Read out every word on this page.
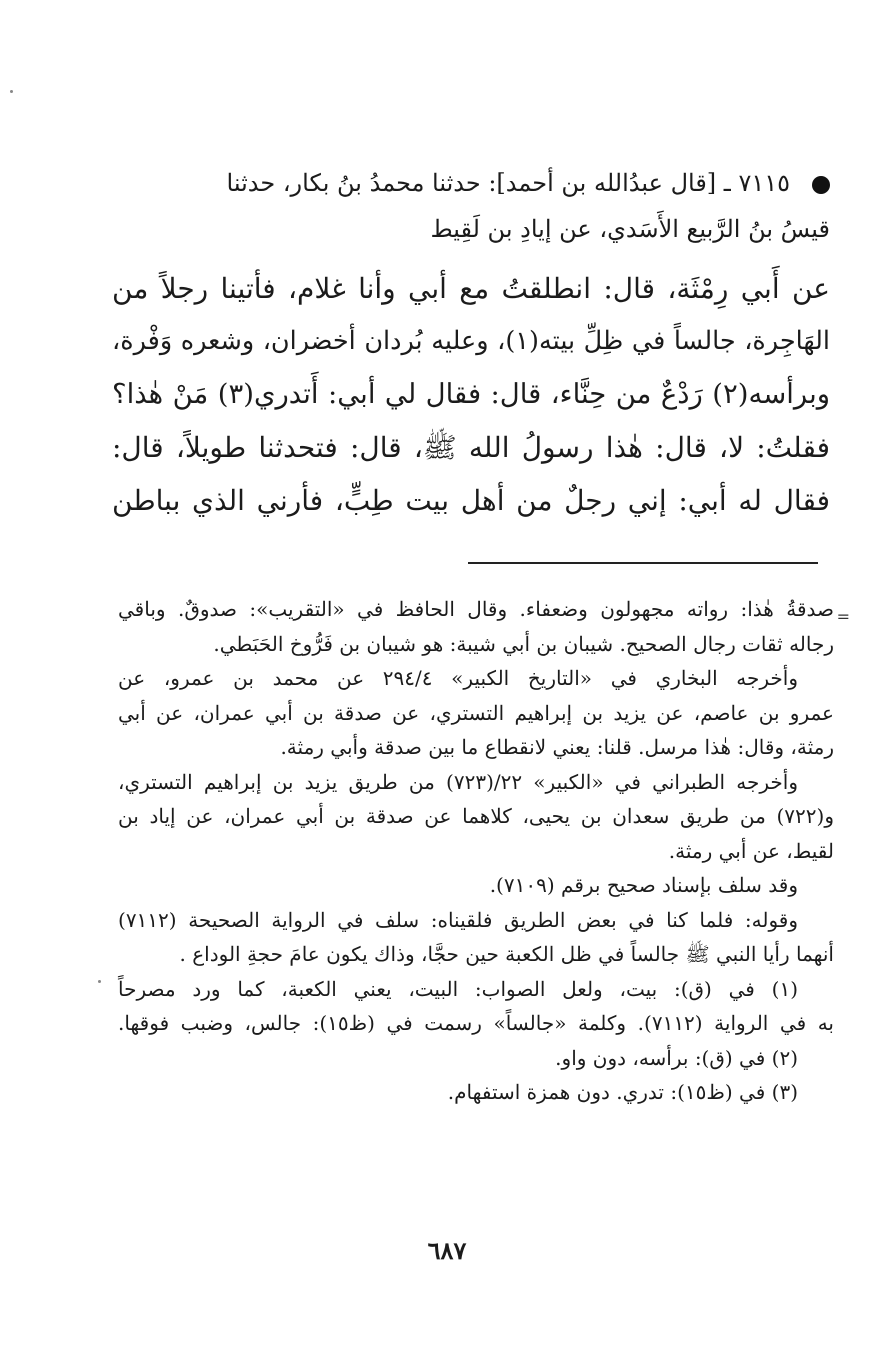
٧١١٥ ـ [قال عبدُالله بن أحمد]: حدثنا محمدُ بنُ بكار، حدثنا
قيسُ بنُ الرَّبيع الأَسَدي، عن إيادِ بن لَقِيط
عن أَبي رِمْثَة، قال: انطلقتُ مع أبي وأنا غلام، فأتينا رجلاً من
الهَاجِرة، جالساً في ظِلِّ بيته(١)، وعليه بُردان أخضران، وشعره وَفْرة،
وبرأسه(٢) رَدْعٌ من حِنَّاء، قال: فقال لي أبي: أَتدري(٣) مَنْ هٰذا؟
فقلتُ: لا، قال: هٰذا رسولُ الله ﷺ، قال: فتحدثنا طويلاً، قال:
فقال له أبي: إني رجلٌ من أهل بيت طِبٍّ، فأرني الذي بباطن
=
صدقةُ هٰذا: رواته مجهولون وضعفاء. وقال الحافظ في «التقريب»: صدوقٌ. وباقي
رجاله ثقات رجال الصحيح. شيبان بن أبي شيبة: هو شيبان بن فَرُّوخ الحَبَطي.
وأخرجه البخاري في «التاريخ الكبير» ٢٩٤/٤ عن محمد بن عمرو، عن
عمرو بن عاصم، عن يزيد بن إبراهيم التستري، عن صدقة بن أبي عمران، عن أبي
رمثة، وقال: هٰذا مرسل. قلنا: يعني لانقطاع ما بين صدقة وأبي رمثة.
وأخرجه الطبراني في «الكبير» ٢٢/(٧٢٣) من طريق يزيد بن إبراهيم التستري،
و(٧٢٢) من طريق سعدان بن يحيى، كلاهما عن صدقة بن أبي عمران، عن إياد بن
لقيط، عن أبي رمثة.
وقد سلف بإسناد صحيح برقم (٧١٠٩).
وقوله: فلما كنا في بعض الطريق فلقيناه: سلف في الرواية الصحيحة (٧١١٢)
أنهما رأيا النبي ﷺ جالساً في ظل الكعبة حين حجَّا، وذاك يكون عامَ حجةِ الوداع .
(١) في (ق): بيت، ولعل الصواب: البيت، يعني الكعبة، كما ورد مصرحاً
به في الرواية (٧١١٢). وكلمة «جالساً» رسمت في (ظ١٥): جالس، وضبب فوقها.
(٢) في (ق): برأسه، دون واو.
(٣) في (ظ١٥): تدري. دون همزة استفهام.
٦٨٧
